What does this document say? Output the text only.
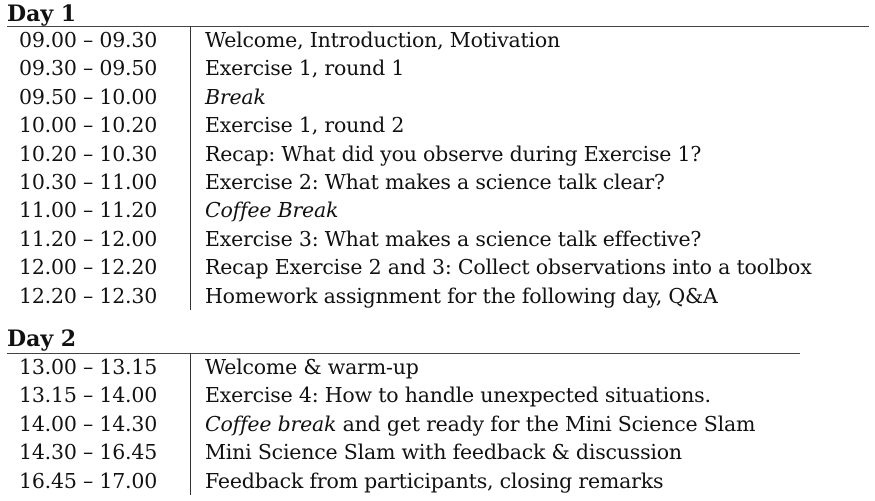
Day 1
09.00 – 09.30	Welcome, Introduction, Motivation
09.30 – 09.50	Exercise 1, round 1
09.50 – 10.00	Break
10.00 – 10.20	Exercise 1, round 2
10.20 – 10.30	Recap: What did you observe during Exercise 1?
10.30 – 11.00	Exercise 2: What makes a science talk clear?
11.00 – 11.20	Coffee Break
11.20 – 12.00	Exercise 3: What makes a science talk effective?
12.00 – 12.20	Recap Exercise 2 and 3: Collect observations into a toolbox
12.20 – 12.30	Homework assignment for the following day, Q&A
Day 2
13.00 – 13.15	Welcome & warm-up
13.15 – 14.00	Exercise 4: How to handle unexpected situations.
14.00 – 14.30	Coffee break and get ready for the Mini Science Slam
14.30 – 16.45	Mini Science Slam with feedback & discussion
16.45 – 17.00	Feedback from participants, closing remarks
